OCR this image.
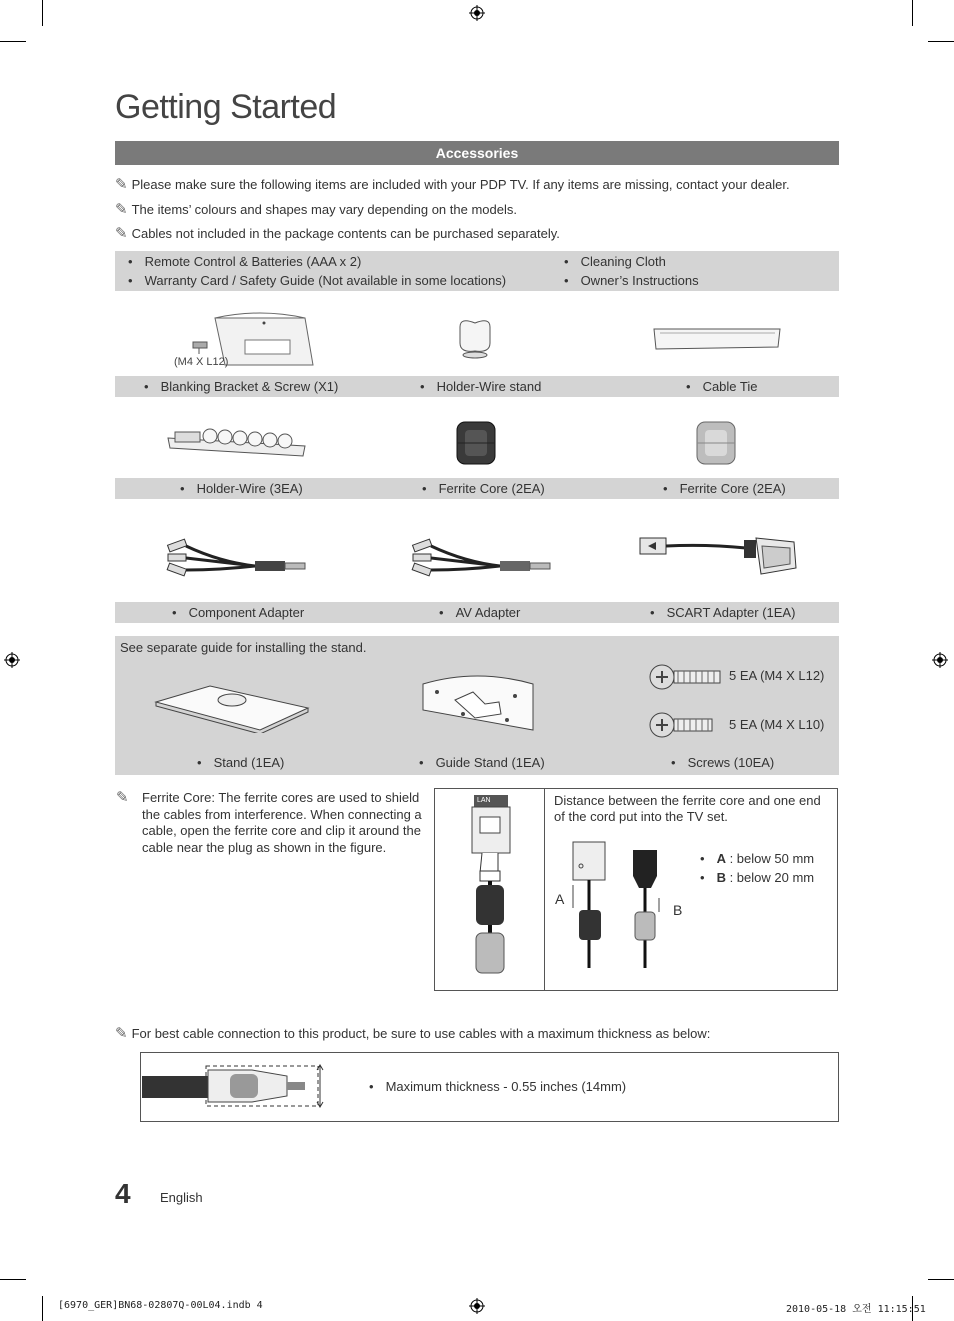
Getting Started
Accessories
✎ Please make sure the following items are included with your PDP TV. If any items are missing, contact your dealer.
✎ The items’ colours and shapes may vary depending on the models.
✎ Cables not included in the package contents can be purchased separately.
• Remote Control & Batteries (AAA x 2)
• Warranty Card / Safety Guide (Not available in some locations)
• Cleaning Cloth
• Owner’s Instructions
(M4 X L12)
• Blanking Bracket & Screw (X1)	• Holder-Wire stand	• Cable Tie
• Holder-Wire (3EA)	• Ferrite Core (2EA)	• Ferrite Core (2EA)
• Component Adapter	• AV Adapter	• SCART Adapter (1EA)
See separate guide for installing the stand.
5 EA (M4 X L12)
5 EA (M4 X L10)
• Stand (1EA)	• Guide Stand (1EA)	• Screws (10EA)
✎ Ferrite Core: The ferrite cores are used to shield the cables from interference. When connecting a cable, open the ferrite core and clip it around the cable near the plug as shown in the figure.
LAN	Distance between the ferrite core and one end of the cord put into the TV set.
A
B
• A : below 50 mm
• B : below 20 mm
✎ For best cable connection to this product, be sure to use cables with a maximum thickness as below:
• Maximum thickness - 0.55 inches (14mm)
4 English
[6970_GER]BN68-02807Q-00L04.indb 4	2010-05-18 오전 11:15:51
